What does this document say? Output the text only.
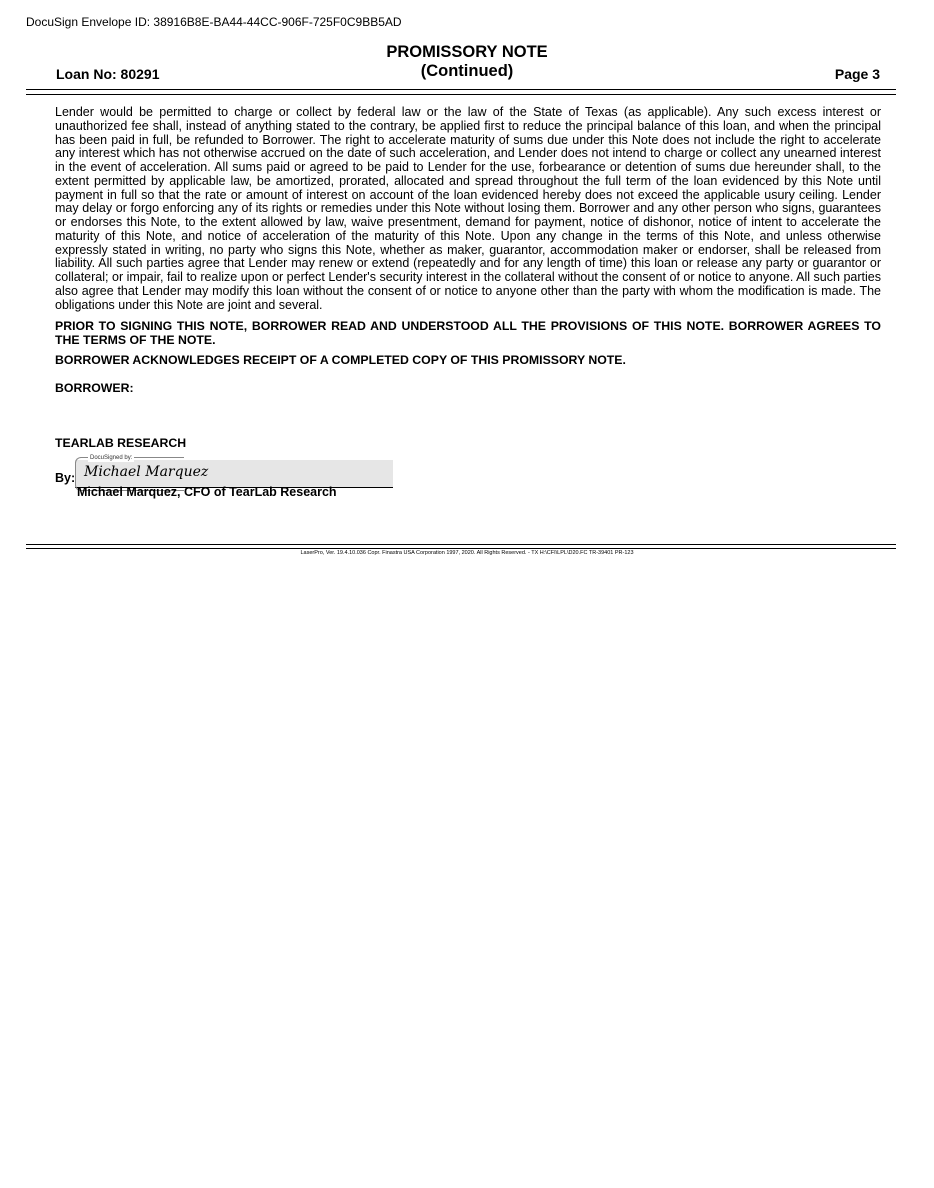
DocuSign Envelope ID: 38916B8E-BA44-44CC-906F-725F0C9BB5AD
PROMISSORY NOTE
(Continued)
Loan No: 80291	Page 3

Lender would be permitted to charge or collect by federal law or the law of the State of Texas (as applicable). Any such excess interest or unauthorized fee shall, instead of anything stated to the contrary, be applied first to reduce the principal balance of this loan, and when the principal has been paid in full, be refunded to Borrower. The right to accelerate maturity of sums due under this Note does not include the right to accelerate any interest which has not otherwise accrued on the date of such acceleration, and Lender does not intend to charge or collect any unearned interest in the event of acceleration. All sums paid or agreed to be paid to Lender for the use, forbearance or detention of sums due hereunder shall, to the extent permitted by applicable law, be amortized, prorated, allocated and spread throughout the full term of the loan evidenced by this Note until payment in full so that the rate or amount of interest on account of the loan evidenced hereby does not exceed the applicable usury ceiling. Lender may delay or forgo enforcing any of its rights or remedies under this Note without losing them. Borrower and any other person who signs, guarantees or endorses this Note, to the extent allowed by law, waive presentment, demand for payment, notice of dishonor, notice of intent to accelerate the maturity of this Note, and notice of acceleration of the maturity of this Note. Upon any change in the terms of this Note, and unless otherwise expressly stated in writing, no party who signs this Note, whether as maker, guarantor, accommodation maker or endorser, shall be released from liability. All such parties agree that Lender may renew or extend (repeatedly and for any length of time) this loan or release any party or guarantor or collateral; or impair, fail to realize upon or perfect Lender's security interest in the collateral without the consent of or notice to anyone. All such parties also agree that Lender may modify this loan without the consent of or notice to anyone other than the party with whom the modification is made. The obligations under this Note are joint and several.

PRIOR TO SIGNING THIS NOTE, BORROWER READ AND UNDERSTOOD ALL THE PROVISIONS OF THIS NOTE. BORROWER AGREES TO THE TERMS OF THE NOTE.

BORROWER ACKNOWLEDGES RECEIPT OF A COMPLETED COPY OF THIS PROMISSORY NOTE.

BORROWER:

TEARLAB RESEARCH

DocuSigned by:
Michael Marquez
By:
Michael Marquez, CFO of TearLab Research
LaserPro, Ver. 19.4.10.036 Copr. Finastra USA Corporation 1997, 2020. All Rights Reserved. - TX H:\CFI\LPL\D20.FC TR-39401 PR-123
